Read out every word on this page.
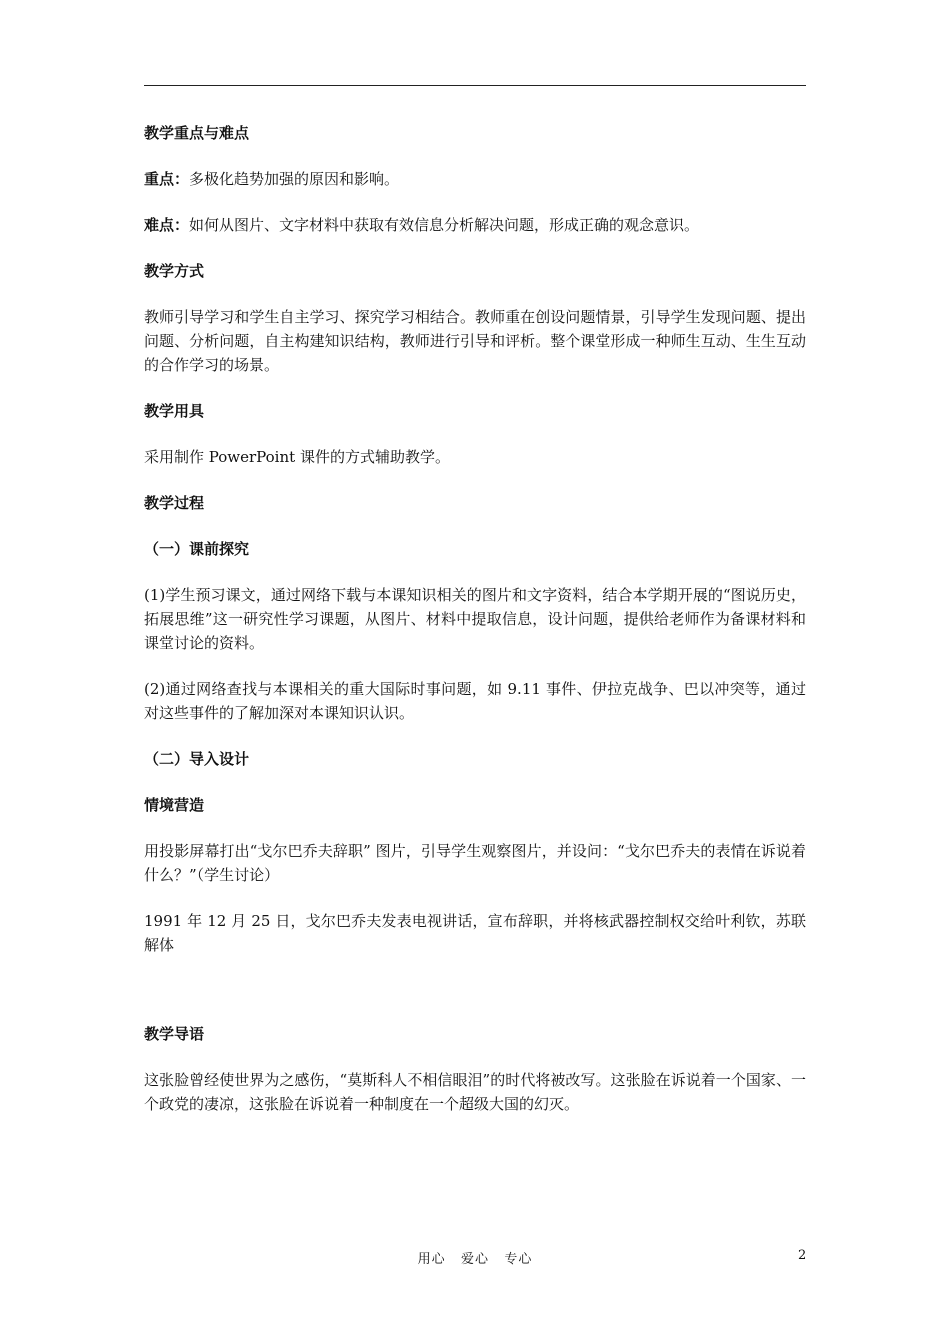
教学重点与难点
重点：多极化趋势加强的原因和影响。
难点：如何从图片、文字材料中获取有效信息分析解决问题，形成正确的观念意识。
教学方式
教师引导学习和学生自主学习、探究学习相结合。教师重在创设问题情景，引导学生发现问题、提出问题、分析问题，自主构建知识结构，教师进行引导和评析。整个课堂形成一种师生互动、生生互动的合作学习的场景。
教学用具
采用制作 PowerPoint 课件的方式辅助教学。
教学过程
（一）课前探究
(1)学生预习课文，通过网络下载与本课知识相关的图片和文字资料，结合本学期开展的“图说历史，拓展思维”这一研究性学习课题，从图片、材料中提取信息，设计问题，提供给老师作为备课材料和课堂讨论的资料。
(2)通过网络查找与本课相关的重大国际时事问题，如 9.11 事件、伊拉克战争、巴以冲突等，通过对这些事件的了解加深对本课知识认识。
（二）导入设计
情境营造
用投影屏幕打出“戈尔巴乔夫辞职” 图片，引导学生观察图片，并设问：“戈尔巴乔夫的表情在诉说着什么？”（学生讨论）
1991 年 12 月 25 日，戈尔巴乔夫发表电视讲话，宣布辞职，并将核武器控制权交给叶利钦，苏联解体
教学导语
这张脸曾经使世界为之感伤，“莫斯科人不相信眼泪”的时代将被改写。这张脸在诉说着一个国家、一个政党的凄凉，这张脸在诉说着一种制度在一个超级大国的幻灭。
用心   爱心   专心	2
